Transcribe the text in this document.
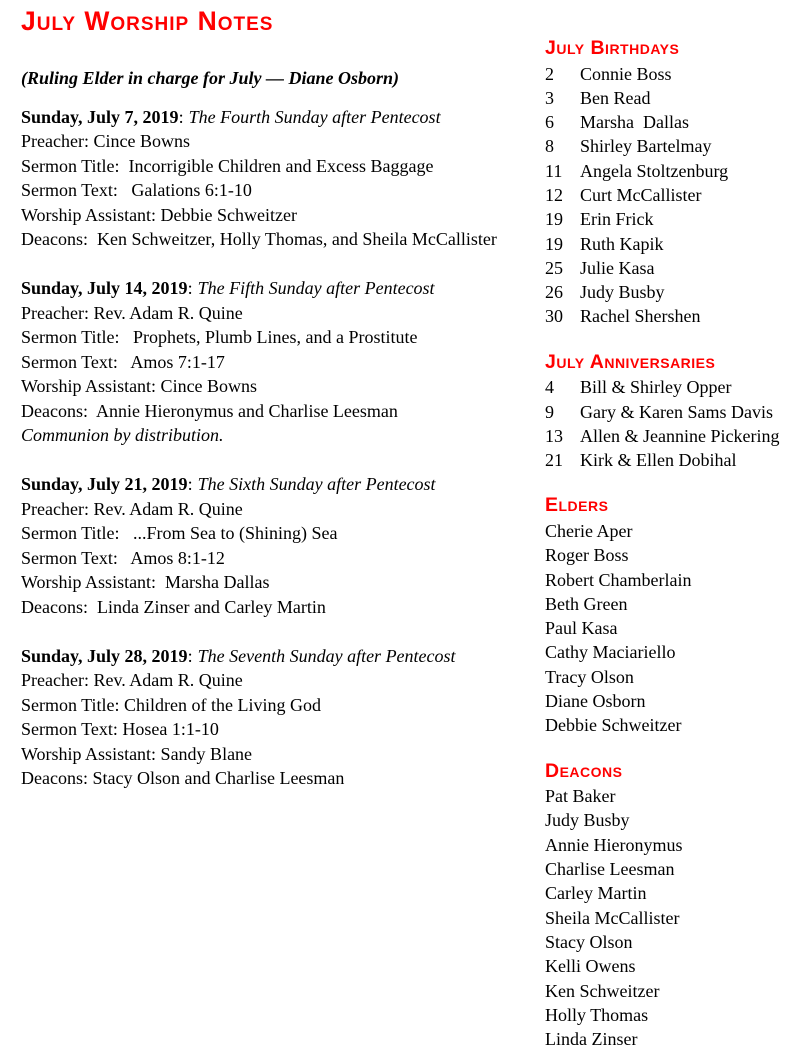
July Worship Notes

(Ruling Elder in charge for July — Diane Osborn)

Sunday, July 7, 2019: The Fourth Sunday after Pentecost

Preacher: Cince Bowns

Sermon Title:  Incorrigible Children and Excess Baggage

Sermon Text:   Galations 6:1-10

Worship Assistant: Debbie Schweitzer

Deacons:  Ken Schweitzer, Holly Thomas, and Sheila McCallister

Sunday, July 14, 2019: The Fifth Sunday after Pentecost

Preacher: Rev. Adam R. Quine

Sermon Title:   Prophets, Plumb Lines, and a Prostitute

Sermon Text:   Amos 7:1-17

Worship Assistant: Cince Bowns

Deacons:  Annie Hieronymus and Charlise Leesman

Communion by distribution.

Sunday, July 21, 2019: The Sixth Sunday after Pentecost

Preacher: Rev. Adam R. Quine

Sermon Title:   ...From Sea to (Shining) Sea

Sermon Text:   Amos 8:1-12

Worship Assistant:  Marsha Dallas

Deacons:  Linda Zinser and Carley Martin

Sunday, July 28, 2019: The Seventh Sunday after Pentecost

Preacher: Rev. Adam R. Quine

Sermon Title: Children of the Living God

Sermon Text: Hosea 1:1-10

Worship Assistant: Sandy Blane

Deacons: Stacy Olson and Charlise Leesman

July Birthdays
2 Connie Boss
3 Ben Read
6 Marsha  Dallas
8 Shirley Bartelmay
11 Angela Stoltzenburg
12 Curt McCallister
19 Erin Frick
19 Ruth Kapik
25 Julie Kasa
26 Judy Busby
30 Rachel Shershen
July Anniversaries
4 Bill & Shirley Opper
9 Gary & Karen Sams Davis
13 Allen & Jeannine Pickering
21 Kirk & Ellen Dobihal
Elders
Cherie Aper
Roger Boss
Robert Chamberlain
Beth Green
Paul Kasa
Cathy Maciariello
Tracy Olson
Diane Osborn
Debbie Schweitzer
Deacons
Pat Baker
Judy Busby
Annie Hieronymus
Charlise Leesman
Carley Martin
Sheila McCallister
Stacy Olson
Kelli Owens
Ken Schweitzer
Holly Thomas
Linda Zinser
